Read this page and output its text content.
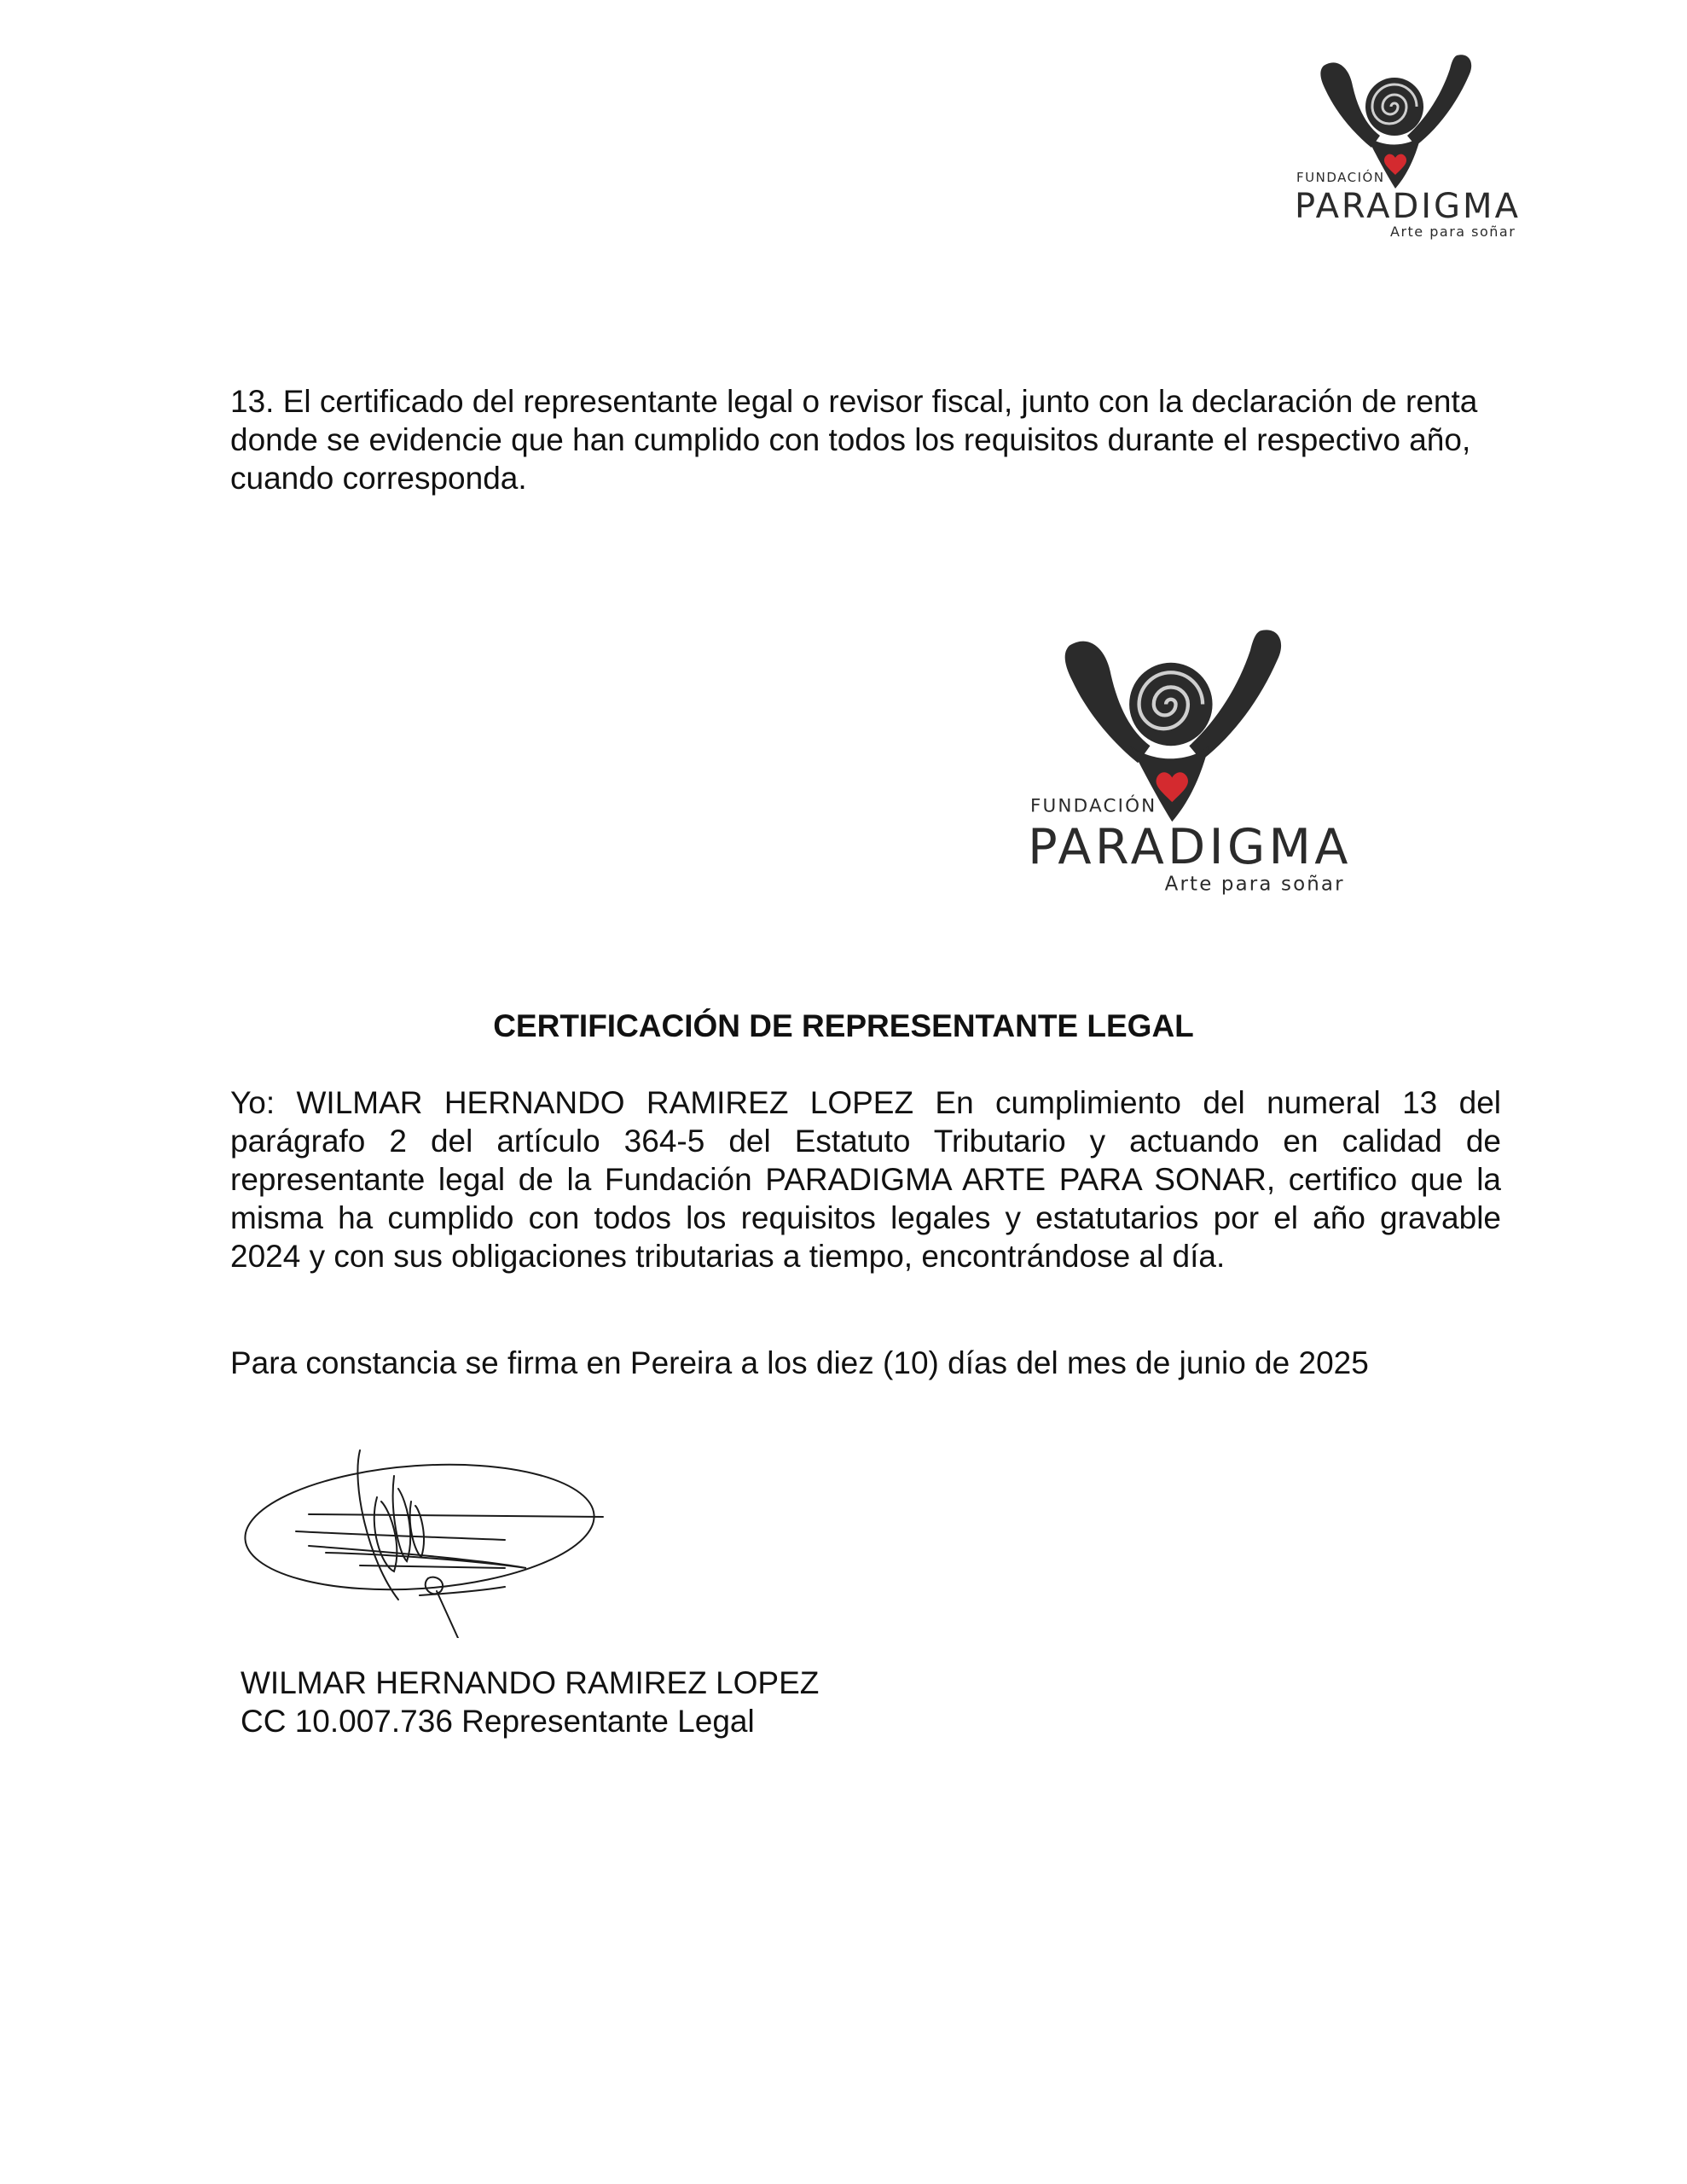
FUNDACIÓN
PARADIGMA
Arte para soñar
13. El certificado del representante legal o revisor fiscal, junto con la declaración de renta donde se evidencie que han cumplido con todos los requisitos durante el respectivo año, cuando corresponda.
FUNDACIÓN
PARADIGMA
Arte para soñar
CERTIFICACIÓN DE REPRESENTANTE LEGAL
Yo: WILMAR HERNANDO RAMIREZ LOPEZ En cumplimiento del numeral 13 del parágrafo 2 del artículo 364-5 del Estatuto Tributario y actuando en calidad de representante legal de la Fundación PARADIGMA ARTE PARA SONAR, certifico que la misma ha cumplido con todos los requisitos legales y estatutarios por el año gravable 2024 y con sus obligaciones tributarias a tiempo, encontrándose al día.
Para constancia se firma en Pereira a los diez (10) días del mes de junio de 2025
WILMAR HERNANDO RAMIREZ LOPEZ
CC 10.007.736 Representante Legal
